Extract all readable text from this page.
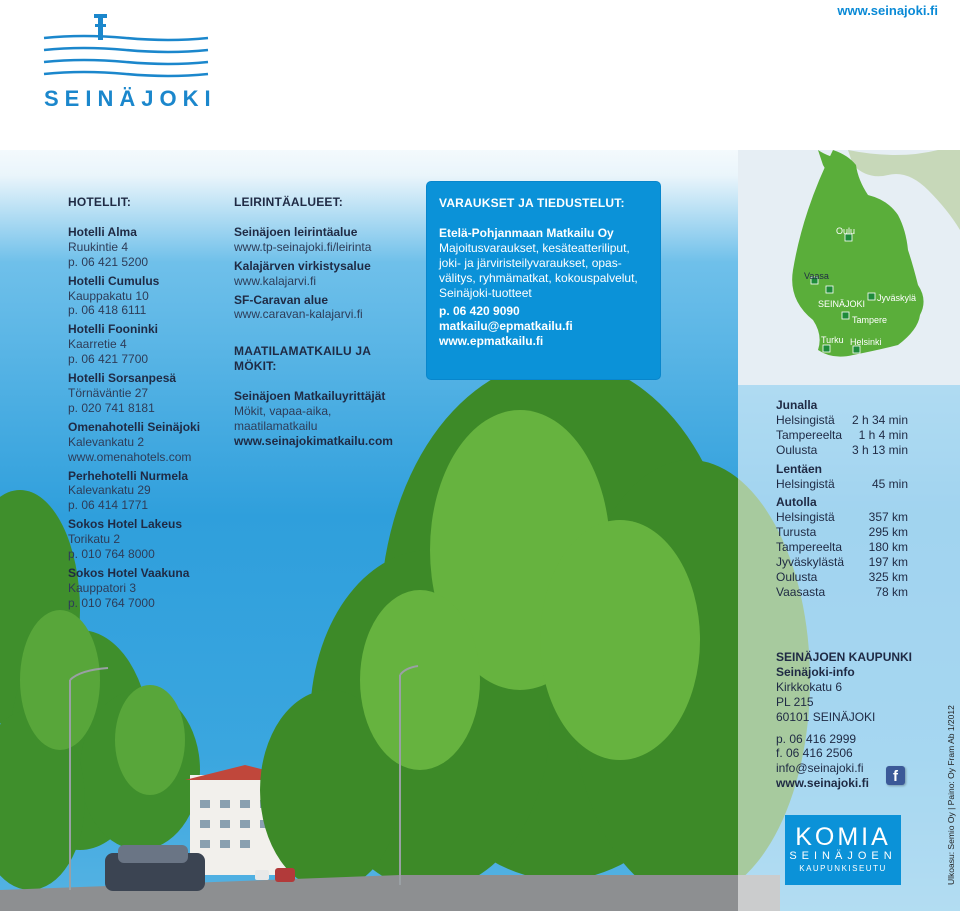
www.seinajoki.fi
SEINÄJOKI
HOTELLIT:
Hotelli Alma
Ruukintie 4
p. 06 421 5200
Hotelli Cumulus
Kauppakatu 10
p. 06 418 6111
Hotelli Fooninki
Kaarretie 4
p. 06 421 7700
Hotelli Sorsanpesä
Törnäväntie 27
p. 020 741 8181
Omenahotelli Seinäjoki
Kalevankatu 2
www.omenahotels.com
Perhehotelli Nurmela
Kalevankatu 29
p. 06 414 1771
Sokos Hotel Lakeus
Torikatu 2
p. 010 764 8000
Sokos Hotel Vaakuna
Kauppatori 3
p. 010 764 7000
LEIRINTÄALUEET:
Seinäjoen leirintäalue
www.tp-seinajoki.fi/leirinta
Kalajärven virkistysalue
www.kalajarvi.fi
SF-Caravan alue
www.caravan-kalajarvi.fi
MAATILAMATKAILU JA MÖKIT:
Seinäjoen Matkailuyrittäjät
Mökit, vapaa-aika,
maatilamatkailu
www.seinajokimatkailu.com
VARAUKSET JA TIEDUSTELUT:
Etelä-Pohjanmaan Matkailu Oy
Majoitusvaraukset, kesäteatteriliput,
joki- ja järviristeilyvaraukset, opas-
välitys, ryhmämatkat, kokouspalvelut,
Seinäjoki-tuotteet
p. 06 420 9090
matkailu@epmatkailu.fi
www.epmatkailu.fi
Oulu
Vaasa
SEINÄJOKI
Jyväskylä
Tampere
Turku Helsinki
Junalla
Helsingistä 2 h 34 min
Tampereelta 1 h 4 min
Oulusta	3 h 13 min
Lentäen
Helsingistä	45 min
Autolla
Helsingistä	357 km
Turusta	295 km
Tampereelta 180 km
Jyväskylästä 197 km
Oulusta	325 km
Vaasasta	78 km
SEINÄJOEN KAUPUNKI
Seinäjoki-info
Kirkkokatu 6
PL 215
60101 SEINÄJOKI
p. 06 416 2999
f. 06 416 2506
info@seinajoki.fi
www.seinajoki.fi	f
KOMIA
SEINÄJOEN
KAUPUNKISEUTU	Ulkoasu: Semio Oy | Paino: Oy Fram Ab 1/2012
